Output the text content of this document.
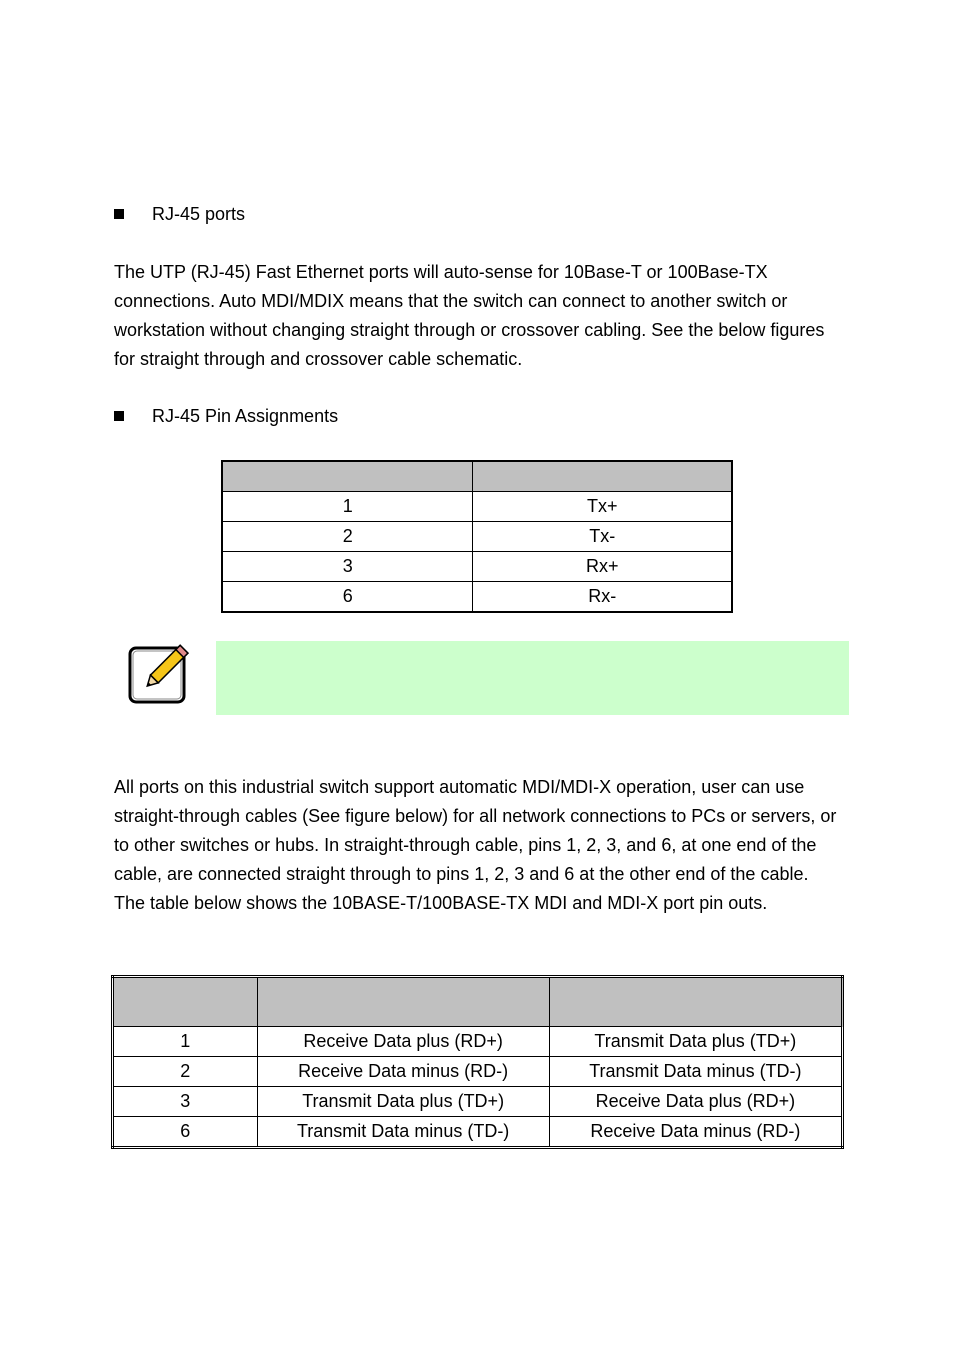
RJ-45 ports
The UTP (RJ-45) Fast Ethernet ports will auto-sense for 10Base-T or 100Base-TX connections. Auto MDI/MDIX means that the switch can connect to another switch or workstation without changing straight through or crossover cabling. See the below figures for straight through and crossover cable schematic.
RJ-45 Pin Assignments

1	Tx+
2	Tx-
3	Rx+
6	Rx-
All ports on this industrial switch support automatic MDI/MDI-X operation, user can use straight-through cables (See figure below) for all network connections to PCs or servers, or to other switches or hubs. In straight-through cable, pins 1, 2, 3, and 6, at one end of the cable, are connected straight through to pins 1, 2, 3 and 6 at the other end of the cable. The table below shows the 10BASE-T/100BASE-TX MDI and MDI-X port pin outs.

1	Receive Data plus (RD+)	Transmit Data plus (TD+)
2	Receive Data minus (RD-)	Transmit Data minus (TD-)
3	Transmit Data plus (TD+)	Receive Data plus (RD+)
6	Transmit Data minus (TD-)	Receive Data minus (RD-)
